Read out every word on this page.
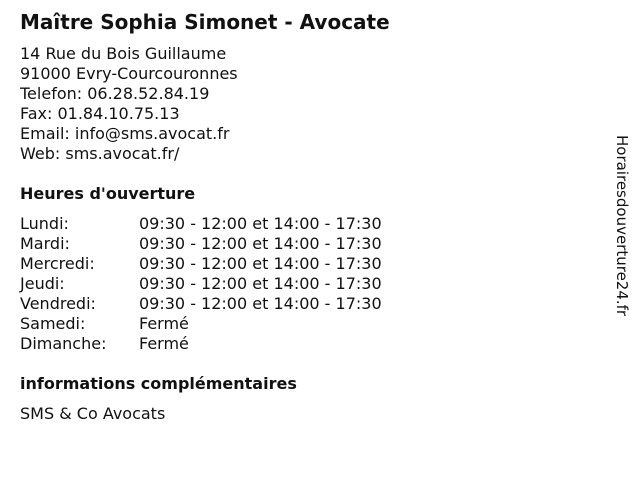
Maître Sophia Simonet - Avocate
14 Rue du Bois Guillaume
91000 Evry-Courcouronnes
Telefon: 06.28.52.84.19
Fax: 01.84.10.75.13
Email: info@sms.avocat.fr
Web: sms.avocat.fr/
Heures d'ouverture
Lundi:	09:30 - 12:00 et 14:00 - 17:30
Mardi:	09:30 - 12:00 et 14:00 - 17:30
Mercredi:	09:30 - 12:00 et 14:00 - 17:30
Jeudi:	09:30 - 12:00 et 14:00 - 17:30
Vendredi:	09:30 - 12:00 et 14:00 - 17:30
Samedi:	Fermé
Dimanche: Fermé
informations complémentaires
SMS & Co Avocats
Horairesdouverture24.fr
